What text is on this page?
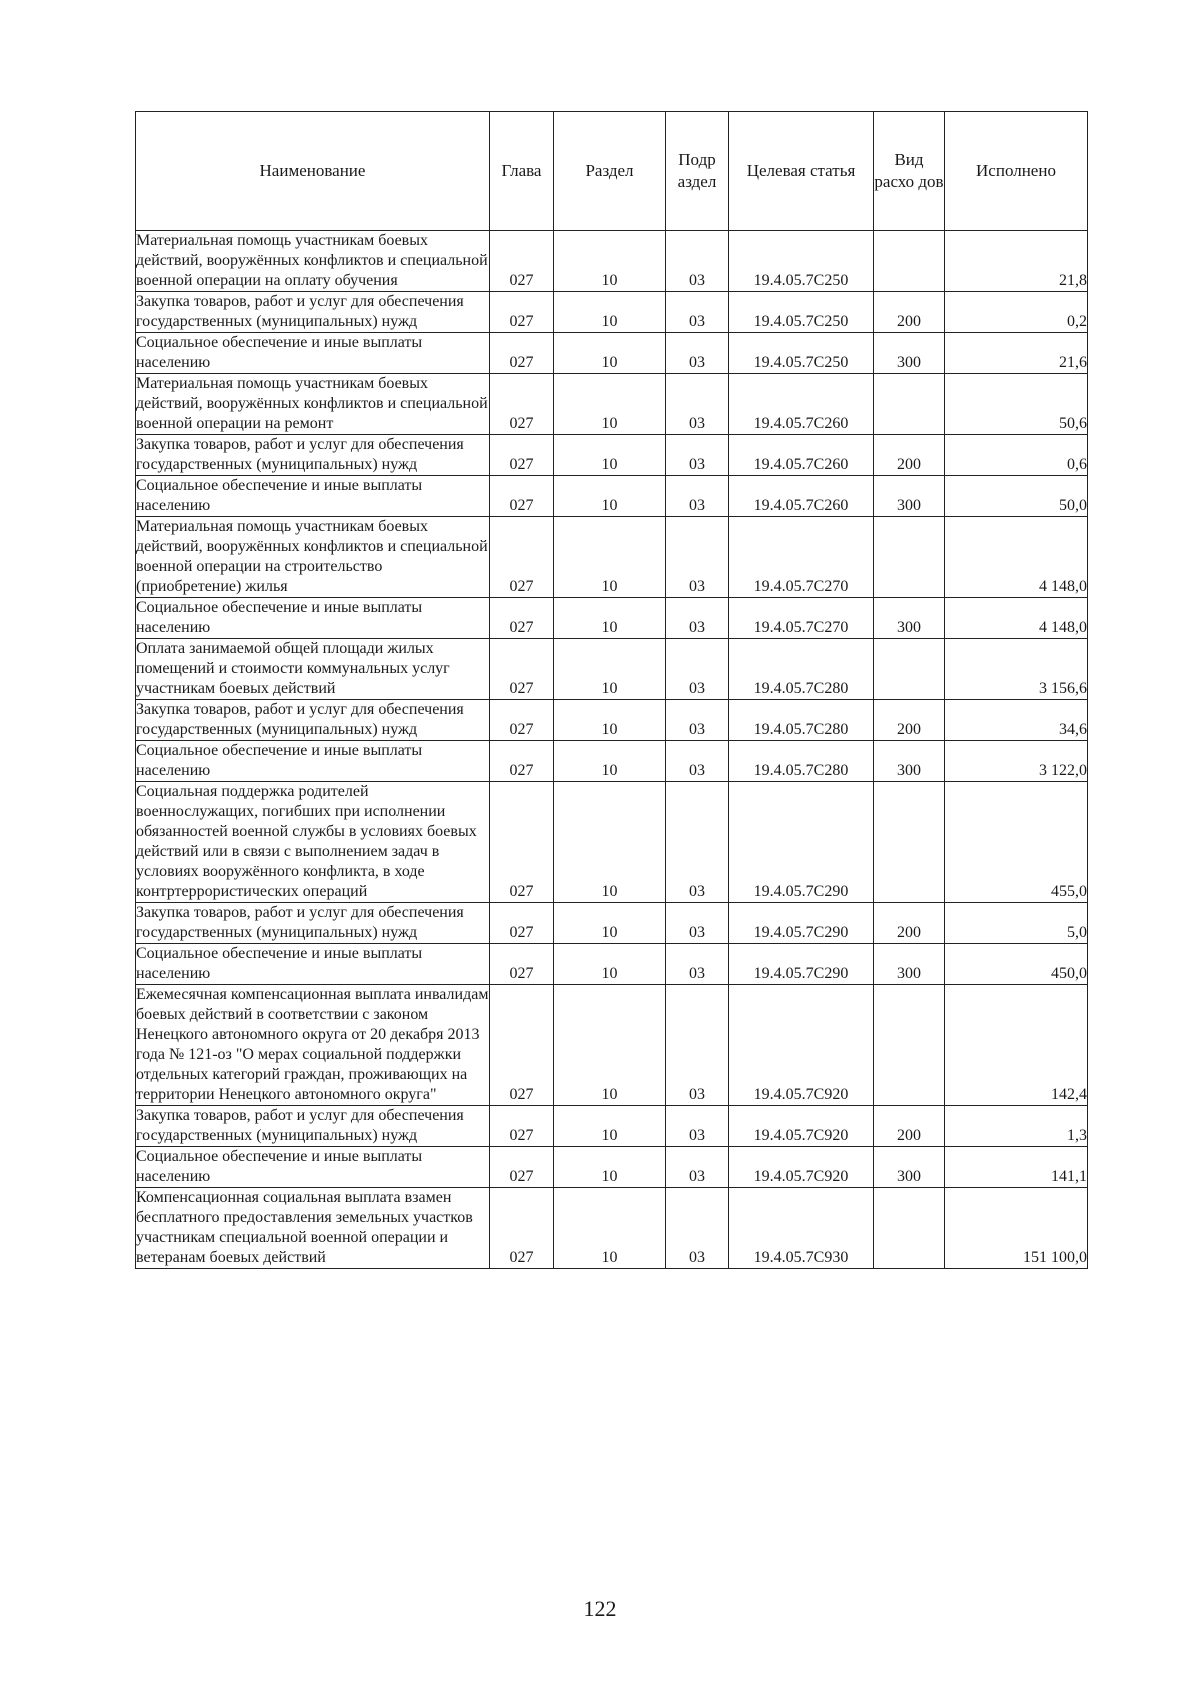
Наименование	Глава	Раздел	Подр аздел	Целевая статья	Вид расхо дов	Исполнено
Материальная помощь участникам боевых действий, вооружённых конфликтов и специальной военной операции на оплату обучения	027	10	03	19.4.05.7С250		21,8
Закупка товаров, работ и услуг для обеспечения государственных (муниципальных) нужд	027	10	03	19.4.05.7С250	200	0,2
Социальное обеспечение и иные выплаты населению	027	10	03	19.4.05.7С250	300	21,6
Материальная помощь участникам боевых действий, вооружённых конфликтов и специальной военной операции на ремонт	027	10	03	19.4.05.7С260		50,6
Закупка товаров, работ и услуг для обеспечения государственных (муниципальных) нужд	027	10	03	19.4.05.7С260	200	0,6
Социальное обеспечение и иные выплаты населению	027	10	03	19.4.05.7С260	300	50,0
Материальная помощь участникам боевых действий, вооружённых конфликтов и специальной военной операции на строительство (приобретение) жилья	027	10	03	19.4.05.7С270		4 148,0
Социальное обеспечение и иные выплаты населению	027	10	03	19.4.05.7С270	300	4 148,0
Оплата занимаемой общей площади жилых помещений и стоимости коммунальных услуг участникам боевых действий	027	10	03	19.4.05.7С280		3 156,6
Закупка товаров, работ и услуг для обеспечения государственных (муниципальных) нужд	027	10	03	19.4.05.7С280	200	34,6
Социальное обеспечение и иные выплаты населению	027	10	03	19.4.05.7С280	300	3 122,0
Социальная поддержка родителей военнослужащих, погибших при исполнении обязанностей военной службы в условиях боевых действий или в связи с выполнением задач в условиях вооружённого конфликта, в ходе контртеррористических операций	027	10	03	19.4.05.7С290		455,0
Закупка товаров, работ и услуг для обеспечения государственных (муниципальных) нужд	027	10	03	19.4.05.7С290	200	5,0
Социальное обеспечение и иные выплаты населению	027	10	03	19.4.05.7С290	300	450,0
Ежемесячная компенсационная выплата инвалидам боевых действий в соответствии с законом Ненецкого автономного округа от 20 декабря 2013 года № 121-оз "О мерах социальной поддержки отдельных категорий граждан, проживающих на территории Ненецкого автономного округа"	027	10	03	19.4.05.7С920		142,4
Закупка товаров, работ и услуг для обеспечения государственных (муниципальных) нужд	027	10	03	19.4.05.7С920	200	1,3
Социальное обеспечение и иные выплаты населению	027	10	03	19.4.05.7С920	300	141,1
Компенсационная социальная выплата взамен бесплатного предоставления земельных участков участникам специальной военной операции и ветеранам боевых действий	027	10	03	19.4.05.7С930		151 100,0
122
